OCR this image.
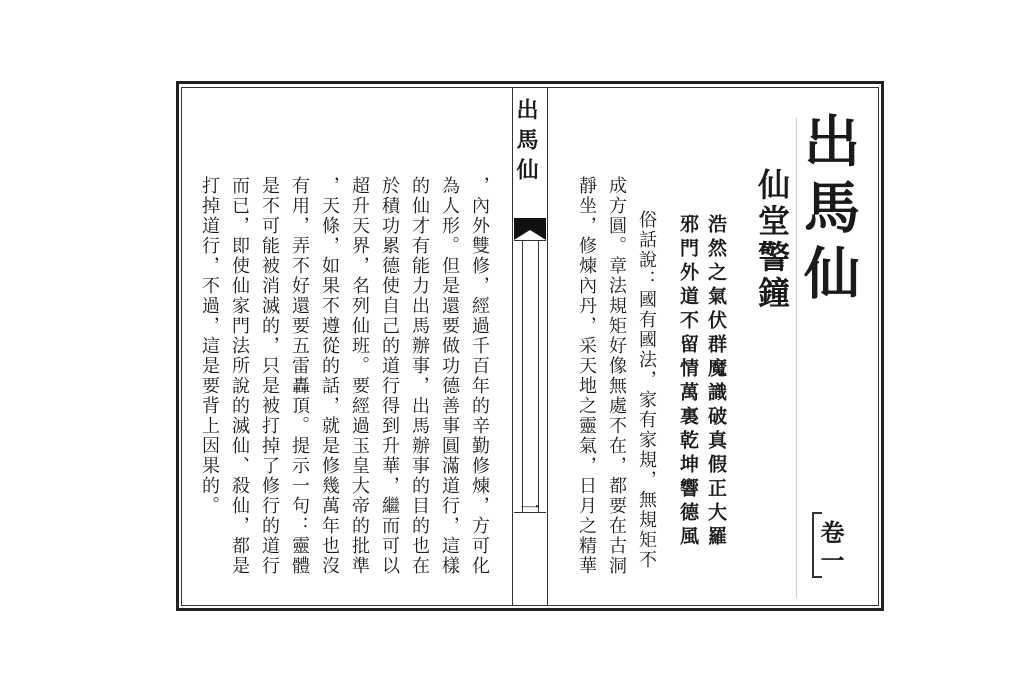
出馬仙
一
出馬仙
仙堂警鐘
浩然之氣伏群魔識破真假正大羅
邪門外道不留情萬裏乾坤響德風
俗話說：國有國法，家有家規，無規矩不
成方圓。章法規矩好像無處不在，都要在古洞
靜坐，修煉內丹，采天地之靈氣，日月之精華	卷一
，內外雙修，經過千百年的辛勤修煉，方可化
為人形。但是還要做功德善事圓滿道行，這樣
的仙才有能力出馬辦事，出馬辦事的目的也在
於積功累德使自己的道行得到升華，繼而可以
超升天界，名列仙班。要經過玉皇大帝的批準
，天條，如果不遵從的話，就是修幾萬年也沒
有用，弄不好還要五雷轟頂。提示一句：靈體
是不可能被消滅的，只是被打掉了修行的道行
而已，即使仙家門法所說的滅仙、殺仙，都是
打掉道行，不過，這是要背上因果的。
